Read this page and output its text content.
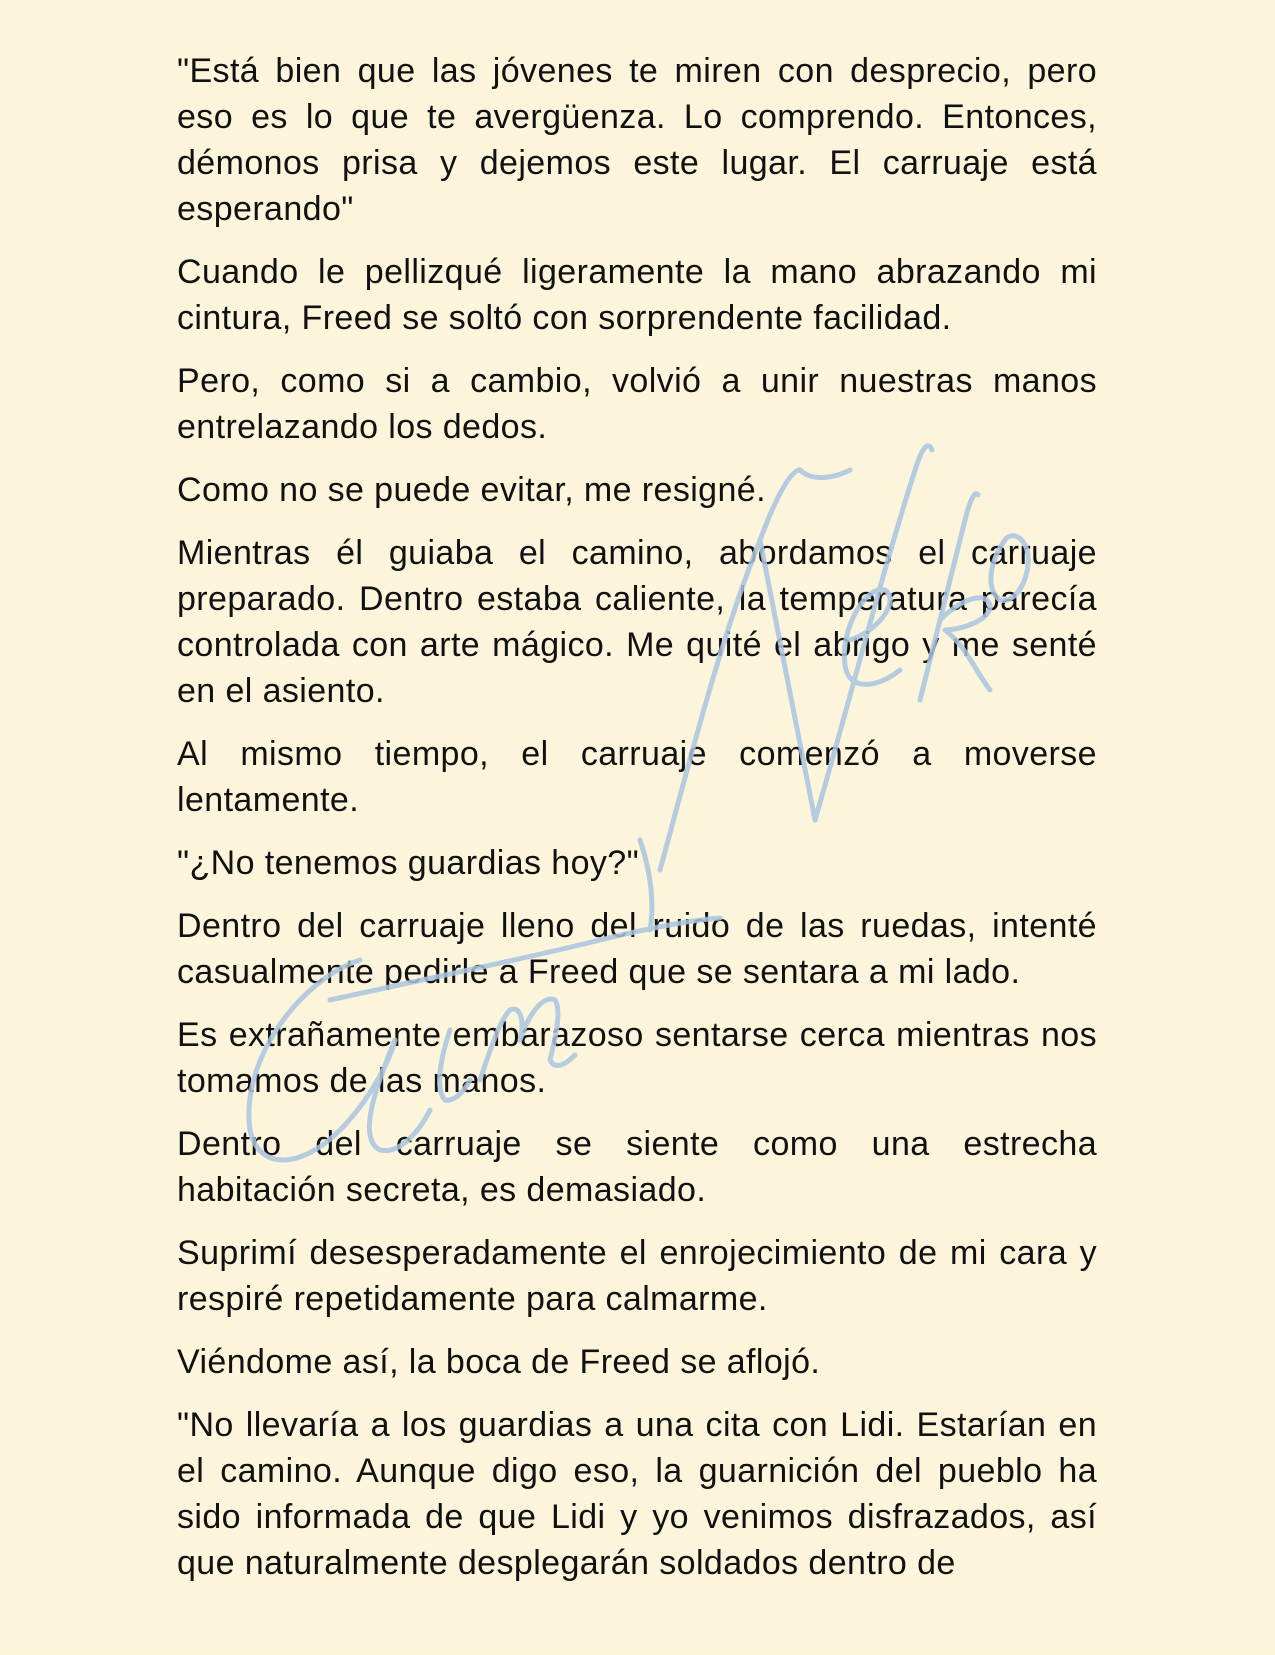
"Está bien que las jóvenes te miren con desprecio, pero eso es lo que te avergüenza. Lo comprendo. Entonces, démonos prisa y dejemos este lugar. El carruaje está esperando"

Cuando le pellizqué ligeramente la mano abrazando mi cintura, Freed se soltó con sorprendente facilidad.

Pero, como si a cambio, volvió a unir nuestras manos entrelazando los dedos.

Como no se puede evitar, me resigné.

Mientras él guiaba el camino, abordamos el carruaje preparado. Dentro estaba caliente, la temperatura parecía controlada con arte mágico. Me quité el abrigo y me senté en el asiento.

Al mismo tiempo, el carruaje comenzó a moverse lentamente.

"¿No tenemos guardias hoy?"

Dentro del carruaje lleno del ruido de las ruedas, intenté casualmente pedirle a Freed que se sentara a mi lado.

Es extrañamente embarazoso sentarse cerca mientras nos tomamos de las manos.

Dentro del carruaje se siente como una estrecha habitación secreta, es demasiado.

Suprimí desesperadamente el enrojecimiento de mi cara y respiré repetidamente para calmarme.

Viéndome así, la boca de Freed se aflojó.

"No llevaría a los guardias a una cita con Lidi. Estarían en el camino. Aunque digo eso, la guarnición del pueblo ha sido informada de que Lidi y yo venimos disfrazados, así que naturalmente desplegarán soldados dentro de
